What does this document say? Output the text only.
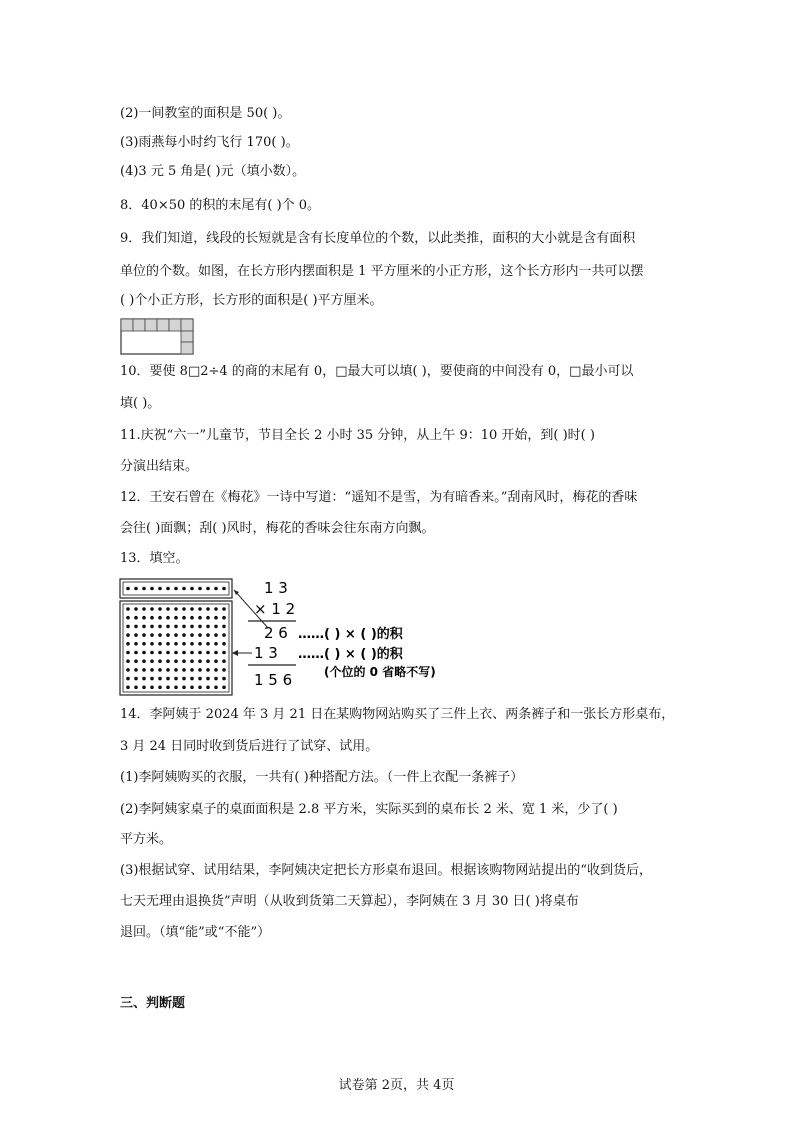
(2)一间教室的面积是 50( )。
(3)雨燕每小时约飞行 170( )。
(4)3 元 5 角是( )元（填小数）。
8．40×50 的积的末尾有( )个 0。
9．我们知道，线段的长短就是含有长度单位的个数，以此类推，面积的大小就是含有面积
单位的个数。如图，在长方形内摆面积是 1 平方厘米的小正方形，这个长方形内一共可以摆
( )个小正方形，长方形的面积是( )平方厘米。
10．要使 8□2÷4 的商的末尾有 0，□最大可以填( )，要使商的中间没有 0，□最小可以
填( )。
11.庆祝“六一”儿童节，节目全长 2 小时 35 分钟，从上午 9：10 开始，到( )时( )
分演出结束。
12．王安石曾在《梅花》一诗中写道：“遥知不是雪，为有暗香来。”刮南风时，梅花的香味
会往( )面飘；刮( )风时，梅花的香味会往东南方向飘。
13．填空。
1 3
× 1 2
2 6 ……( ) × ( )的积
1 3 ……( ) × ( )的积
(个位的 0 省略不写)
1 5 6
14．李阿姨于 2024 年 3 月 21 日在某购物网站购买了三件上衣、两条裤子和一张长方形桌布，
3 月 24 日同时收到货后进行了试穿、试用。
(1)李阿姨购买的衣服，一共有( )种搭配方法。（一件上衣配一条裤子）
(2)李阿姨家桌子的桌面面积是 2.8 平方米，实际买到的桌布长 2 米、宽 1 米，少了( )
平方米。
(3)根据试穿、试用结果，李阿姨决定把长方形桌布退回。根据该购物网站提出的“收到货后，
七天无理由退换货”声明（从收到货第二天算起），李阿姨在 3 月 30 日( )将桌布
退回。（填“能”或“不能”）
三、判断题
试卷第 2页，共 4页
